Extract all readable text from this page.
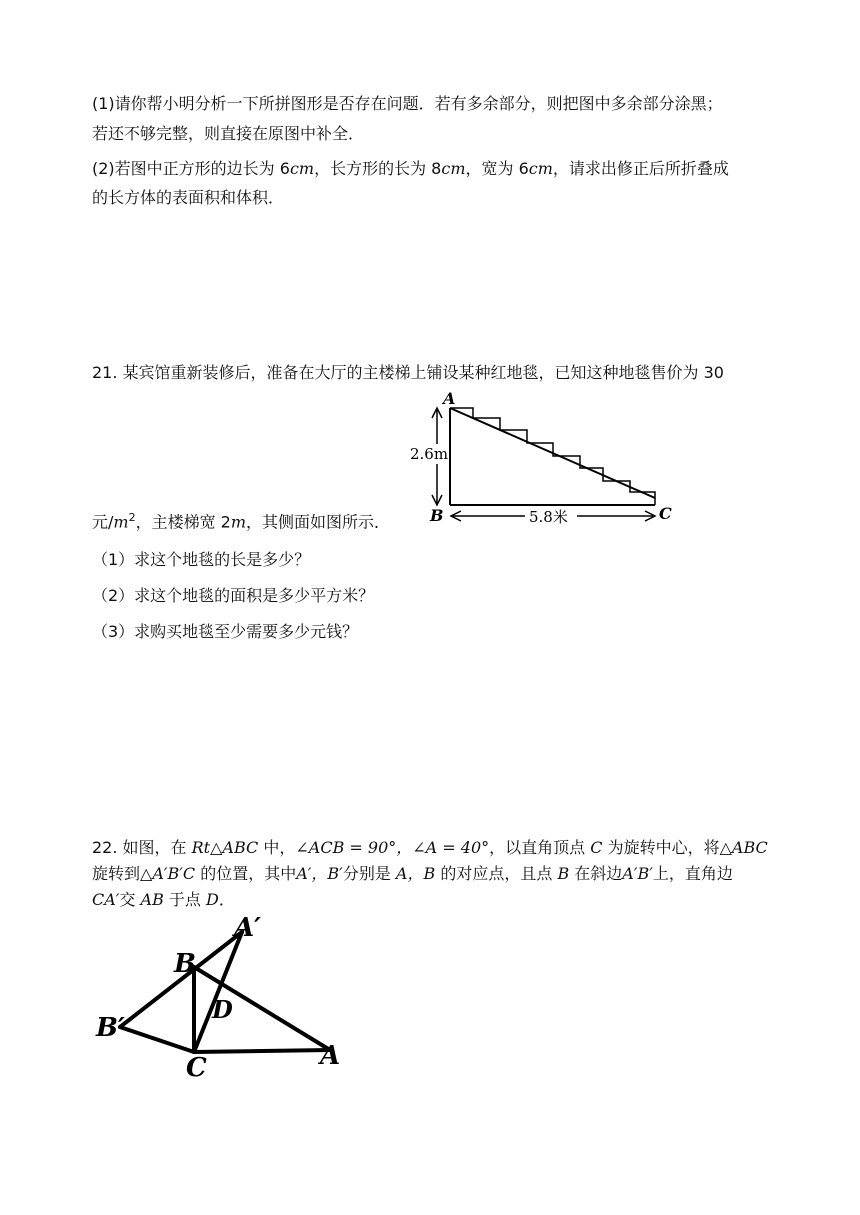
(1)请你帮小明分析一下所拼图形是否存在问题．若有多余部分，则把图中多余部分涂黑；
若还不够完整，则直接在原图中补全．
(2)若图中正方形的边长为 6cm，长方形的长为 8cm，宽为 6cm，请求出修正后所折叠成
的长方体的表面积和体积．
21. 某宾馆重新装修后，准备在大厅的主楼梯上铺设某种红地毯，已知这种地毯售价为 30
A
B	C
2.6m
5.8米
元$/m^2$，主楼梯宽 2m，其侧面如图所示．
（1）求这个地毯的长是多少？
（2）求这个地毯的面积是多少平方米？
（3）求购买地毯至少需要多少元钱？
22. 如图，在 Rt△ABC 中，∠ACB = 90°，∠A = 40°，以直角顶点 C 为旋转中心，将△ABC
旋转到△A′B′C 的位置，其中A′，B′分别是 A，B 的对应点，且点 B 在斜边A′B′上，直角边
CA′交 AB 于点 D．
A′
B
B′
D
C	A
